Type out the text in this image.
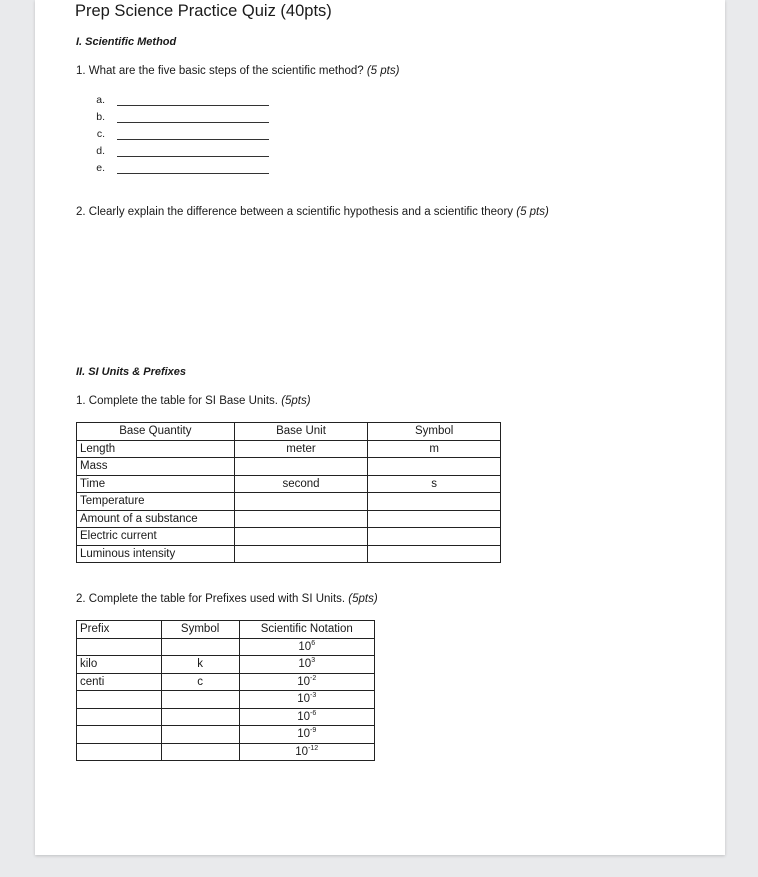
Prep Science Practice Quiz (40pts)
I. Scientific Method
1. What are the five basic steps of the scientific method? (5 pts)
a.
b.
c.
d.
e.
2. Clearly explain the difference between a scientific hypothesis and a scientific theory (5 pts)
II. SI Units & Prefixes
1. Complete the table for SI Base Units. (5pts)
Base Quantity	Base Unit	Symbol
Length	meter	m
Mass		
Time	second	s
Temperature		
Amount of a substance		
Electric current		
Luminous intensity		
2. Complete the table for Prefixes used with SI Units. (5pts)
Prefix	Symbol	Scientific Notation
		$10^6$
kilo	k	$10^3$
centi	c	$10^{-2}$
		$10^{-3}$
		$10^{-6}$
		$10^{-9}$
		$10^{-12}$
